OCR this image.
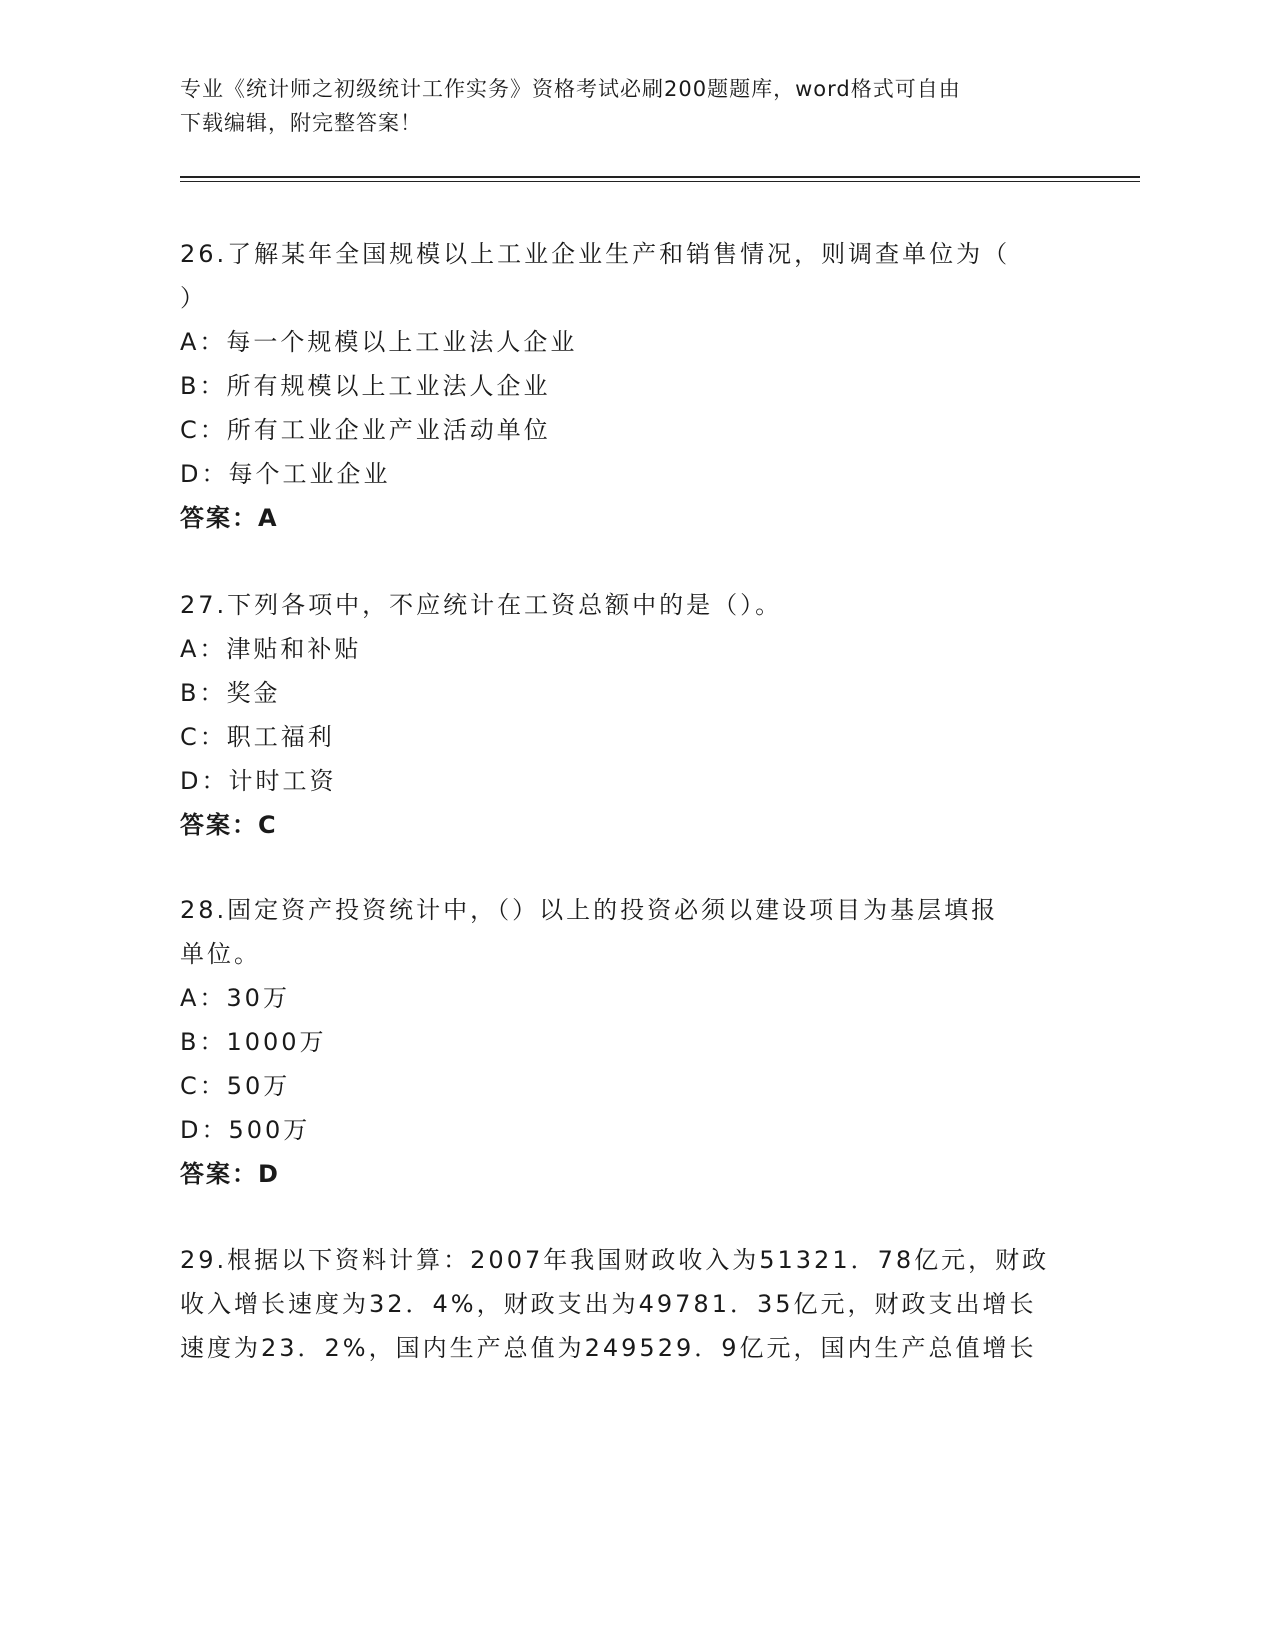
专业《统计师之初级统计工作实务》资格考试必刷200题题库，word格式可自由
下载编辑，附完整答案！

26.了解某年全国规模以上工业企业生产和销售情况，则调查单位为（

）

A：每一个规模以上工业法人企业

B：所有规模以上工业法人企业

C：所有工业企业产业活动单位

D：每个工业企业

答案：A

27.下列各项中，不应统计在工资总额中的是（）。

A：津贴和补贴

B：奖金

C：职工福利

D：计时工资

答案：C

28.固定资产投资统计中，（）以上的投资必须以建设项目为基层填报

单位。

A：30万

B：1000万

C：50万

D：500万

答案：D

29.根据以下资料计算：2007年我国财政收入为51321．78亿元，财政

收入增长速度为32．4%，财政支出为49781．35亿元，财政支出增长

速度为23．2%，国内生产总值为249529．9亿元，国内生产总值增长
